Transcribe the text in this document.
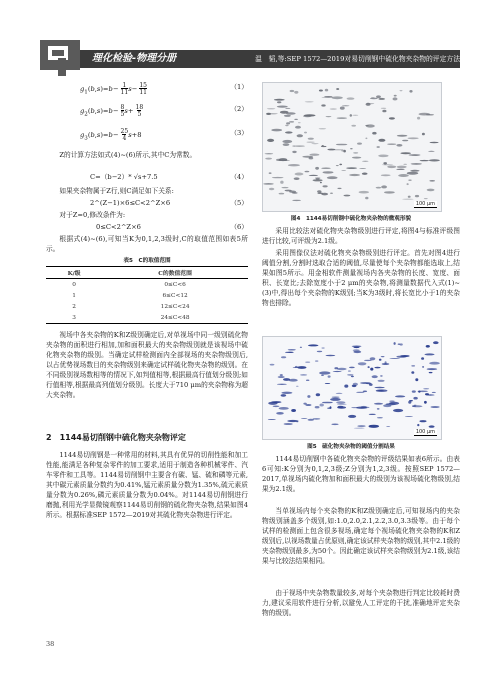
理化检验-物理分册	温　韬,等:SEP 1572—2019对易切削钢中硫化物夹杂物的评定方法
$g_1(b,s)=b- 1$
11s− 15
11
（1）
$g_2(b,s)=b- 8$
5s+ 18
5
（2）
$g_3(b,s)=b- 25$
4 s+8	（3）

Z的计算方法如式(4)~(6)所示,其中C为常数。

C=（b−2）* √s+7.5	（4）

如果夹杂物属于Z行,则C满足如下关系:

2^(Z−1)×6≤C<2^Z×6	（5）

对于Z=0,修改条件为:

0≤C<2^Z×6	（6）

根据式(4)~(6),可知当K为0,1,2,3级时,C的取值范围如表5所示。

表5　C的取值范围
K/级	C的数值范围
0	0≤C<6
1	6≤C<12
2	12≤C<24
3	24≤C<48

视场中各夹杂物的K和Z级别确定后,对单视场中同一级别硫化物夹杂物的面积进行相加,加和面积最大的夹杂物级别就是该视场中硫化物夹杂物的级别。当确定试样检测面内全部视场的夹杂物级别后,以占优势视场数目的夹杂物级别来确定试样硫化物夹杂物的级别。在不同级别视场数相等的情况下,如判值相等,根据最高行值划分级别;如行值相等,根据最高列值划分级别。长度大于710 μm的夹杂物称为超大夹杂物。

2　1144易切削钢中硫化物夹杂物评定

1144易切削钢是一种常用的材料,其具有优异的切削性能和加工性能,能满足各种复杂零件的加工要求,适用于制造各种机械零件、汽车零件和工具等。1144易切削钢中主要含有碳、锰、硫和磷等元素,其中碳元素质量分数约为0.41%,锰元素质量分数为1.35%,硫元素质量分数为0.26%,磷元素质量分数为0.04%。对1144易切削钢进行磨抛,利用光学显微镜观察1144易切削钢的硫化物夹杂物,结果如图4所示。根据标准SEP 1572—2019对其硫化物夹杂物进行评定。

100 μm
图4　1144易切削钢中硫化物夹杂物的微观形貌

采用比较法对硫化物夹杂物级别进行评定,将图4与标准评级图进行比较,可评级为2.1级。

采用图像仪法对硫化物夹杂物级别进行评定。首先对图4进行阈值分割,分割时选取合适的阈值,尽量使每个夹杂物都能选取上,结果如图5所示。用金相软件测量视场内各夹杂物的长度、宽度、面积、长宽比;去除宽度小于2 μm的夹杂物,将测量数据代入式(1)~(3)中,得出每个夹杂物的K级别;当K为3级时,将长宽比小于1的夹杂物也排除。

100 μm
图5　硫化物夹杂物的阈值分割结果

1144易切削钢中各硫化物夹杂物的评级结果如表6所示。由表6可知:K分别为0,1,2,3级;Z分别为1,2,3级。按照SEP 1572—2017,单视场内硫化物加和面积最大的级别为该视场硫化物级别,结果为2.1级。

当单视场内每个夹杂物的K和Z级别确定后,可知视场内的夹杂物级别涵盖多个级别,如:1.0,2.0,2.1,2.2,3.0,3.3级等。由于每个试样的检测面上包含很多视场,确定每个视场硫化物夹杂物的K和Z级别后,以视场数量占优原则,确定该试样夹杂物的级别,其中2.1级的夹杂物级别最多,为50个。因此确定该试样夹杂物级别为2.1级,该结果与比较法结果相同。

由于视场中夹杂物数量较多,对每个夹杂物进行判定比较耗时费力,建议采用软件进行分析,以避免人工评定的干扰,准确地评定夹杂物的级别。

38
